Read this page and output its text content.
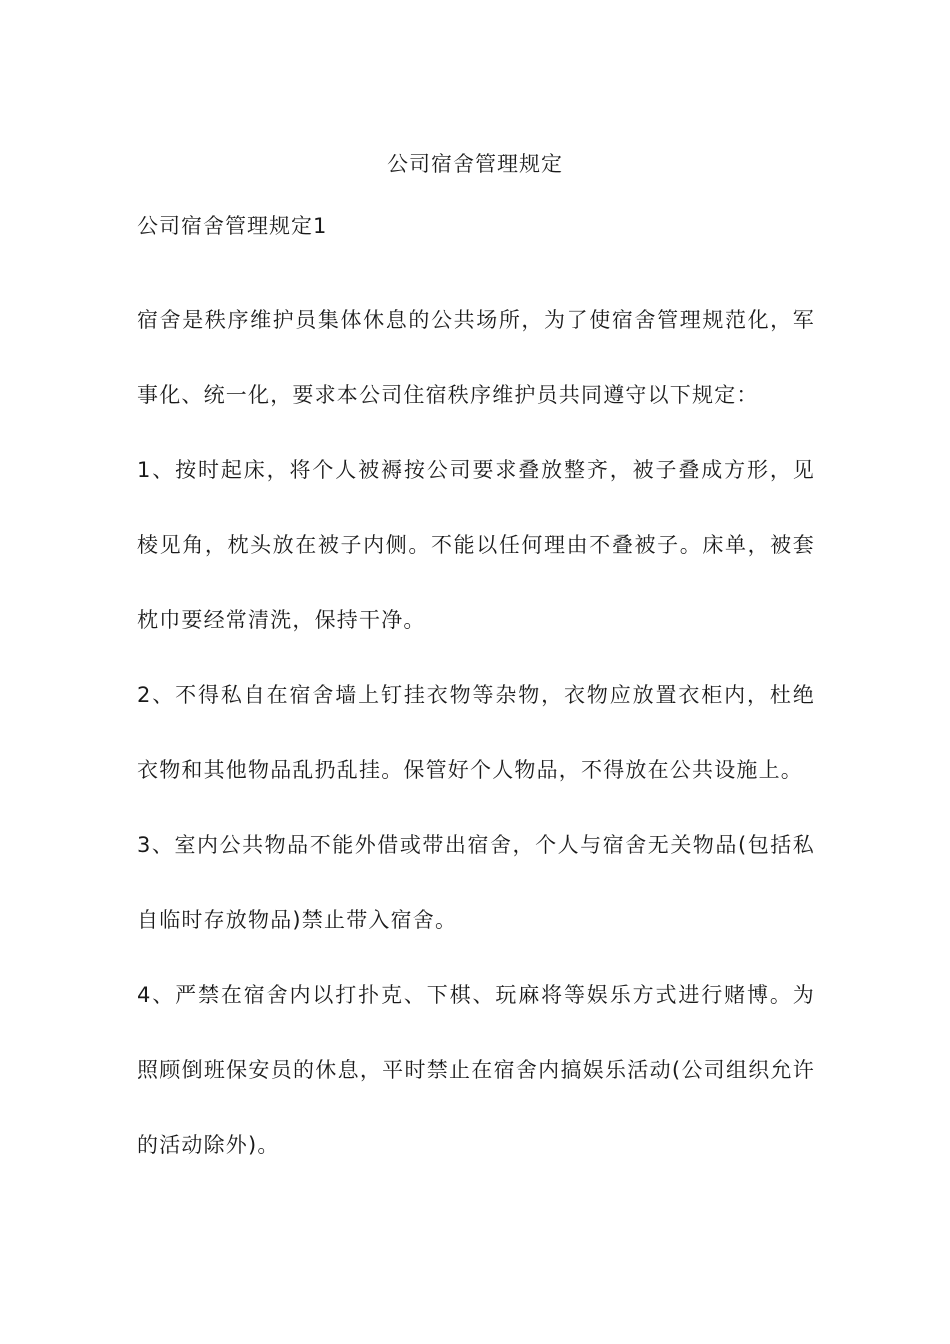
公司宿舍管理规定
公司宿舍管理规定1

宿舍是秩序维护员集体休息的公共场所，为了使宿舍管理规范化，军事化、统一化，要求本公司住宿秩序维护员共同遵守以下规定：

1、按时起床，将个人被褥按公司要求叠放整齐，被子叠成方形，见棱见角，枕头放在被子内侧。不能以任何理由不叠被子。床单，被套枕巾要经常清洗，保持干净。

2、不得私自在宿舍墙上钉挂衣物等杂物，衣物应放置衣柜内，杜绝衣物和其他物品乱扔乱挂。保管好个人物品，不得放在公共设施上。

3、室内公共物品不能外借或带出宿舍，个人与宿舍无关物品(包括私自临时存放物品)禁止带入宿舍。

4、严禁在宿舍内以打扑克、下棋、玩麻将等娱乐方式进行赌博。为照顾倒班保安员的休息，平时禁止在宿舍内搞娱乐活动(公司组织允许的活动除外)。
